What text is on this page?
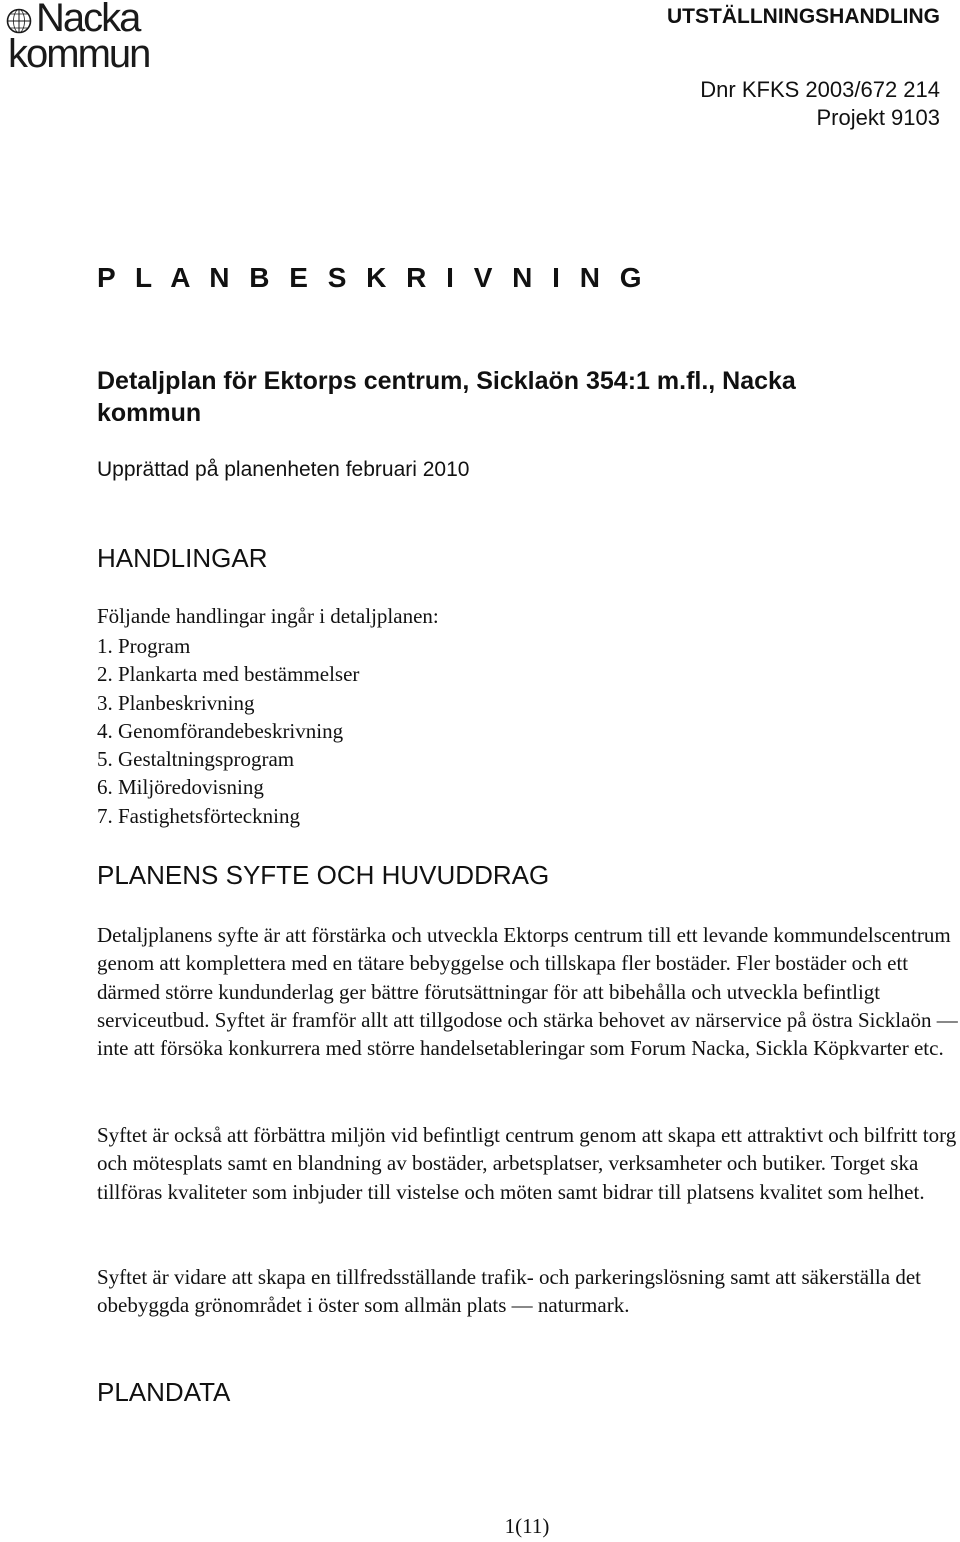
Nacka
kommun
UTSTÄLLNINGSHANDLING
Dnr KFKS 2003/672 214
Projekt 9103
P L A N B E S K R I V N I N G
Detaljplan för Ektorps centrum, Sicklaön 354:1 m.fl., Nacka kommun
Upprättad på planenheten februari 2010
HANDLINGAR
Följande handlingar ingår i detaljplanen:
1. Program
2. Plankarta med bestämmelser
3. Planbeskrivning
4. Genomförandebeskrivning
5. Gestaltningsprogram
6. Miljöredovisning
7. Fastighetsförteckning
PLANENS SYFTE OCH HUVUDDRAG

Detaljplanens syfte är att förstärka och utveckla Ektorps centrum till ett levande kommundelscentrum genom att komplettera med en tätare bebyggelse och tillskapa fler bostäder. Fler bostäder och ett därmed större kundunderlag ger bättre förutsättningar för att bibehålla och utveckla befintligt serviceutbud. Syftet är framför allt att tillgodose och stärka behovet av närservice på östra Sicklaön — inte att försöka konkurrera med större handelsetableringar som Forum Nacka, Sickla Köpkvarter etc.

Syftet är också att förbättra miljön vid befintligt centrum genom att skapa ett attraktivt och bilfritt torg och mötesplats samt en blandning av bostäder, arbetsplatser, verksamheter och butiker. Torget ska tillföras kvaliteter som inbjuder till vistelse och möten samt bidrar till platsens kvalitet som helhet.

Syftet är vidare att skapa en tillfredsställande trafik- och parkeringslösning samt att säkerställa det obebyggda grönområdet i öster som allmän plats — naturmark.

PLANDATA
1(11)
